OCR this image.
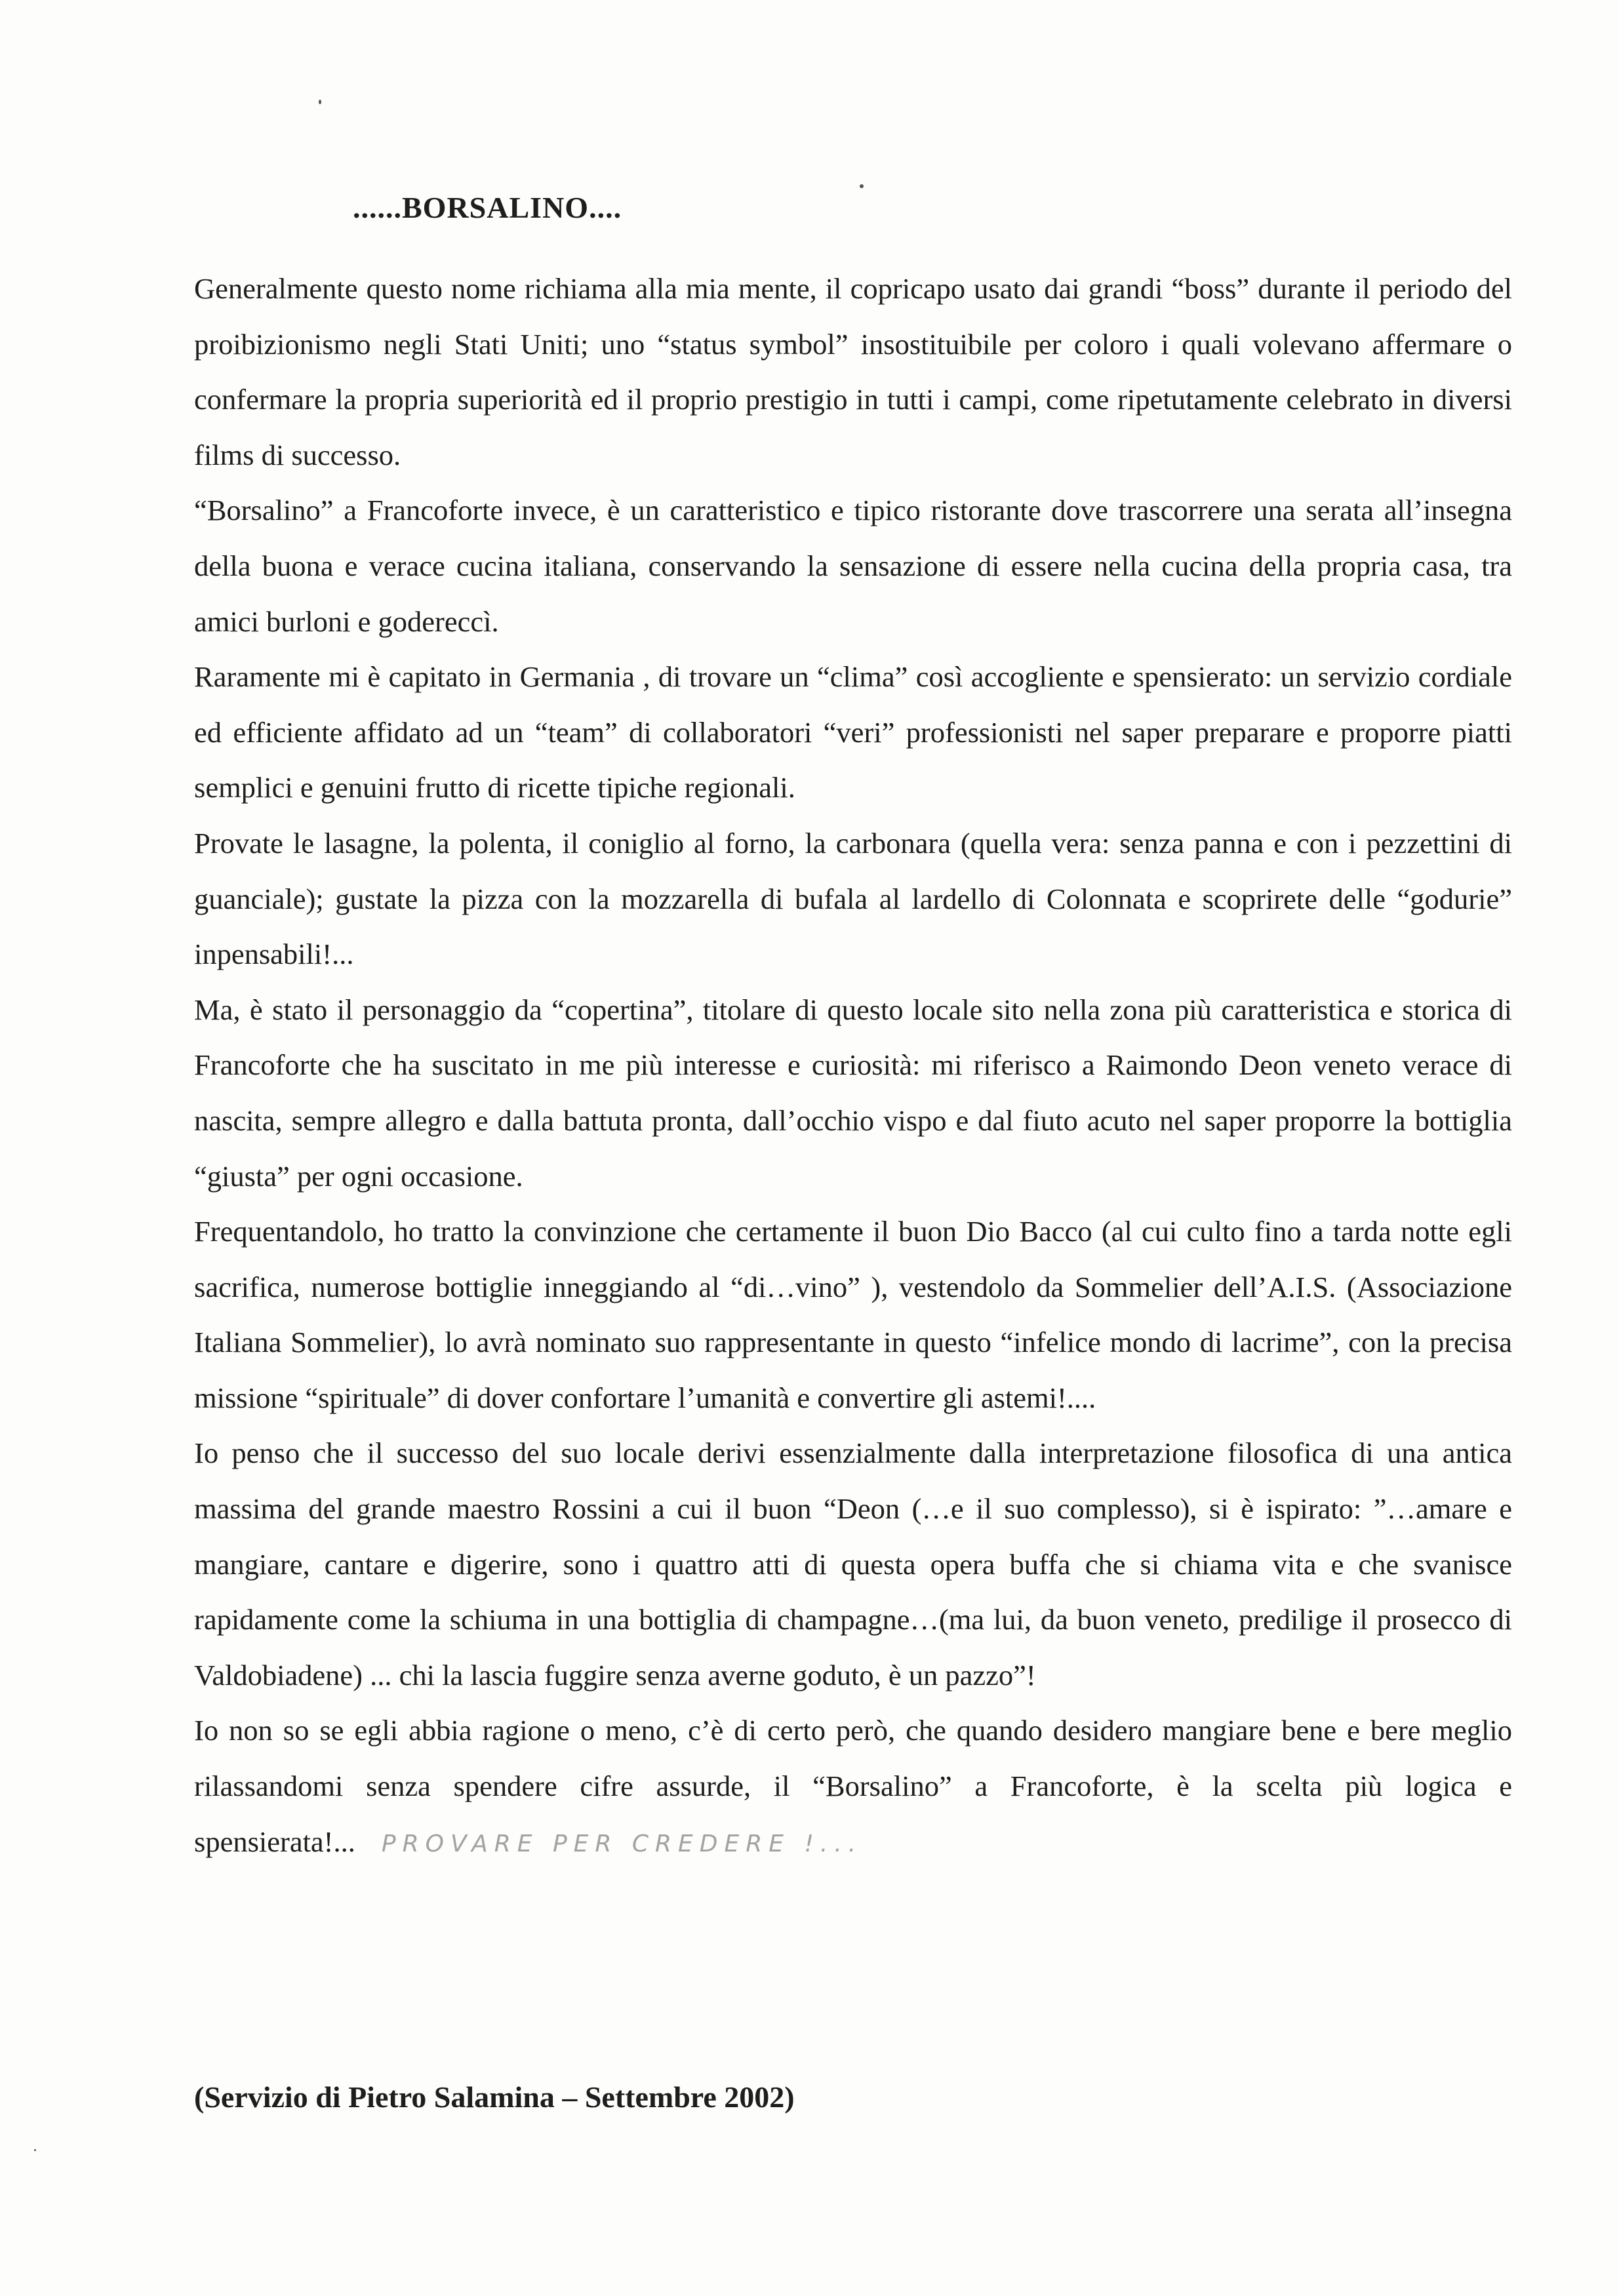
......BORSALINO....

Generalmente questo nome richiama alla mia mente, il copricapo usato dai grandi “boss” durante il periodo del proibizionismo negli Stati Uniti; uno “status symbol” insostituibile per coloro i quali volevano affermare o confermare la propria superiorità ed il proprio prestigio in tutti i campi, come ripetutamente celebrato in diversi films di successo.

“Borsalino” a Francoforte invece, è un caratteristico e tipico ristorante dove trascorrere una serata all’insegna della buona e verace cucina italiana, conservando la sensazione di essere nella cucina della propria casa, tra amici burloni e godereccì.

Raramente mi è capitato in Germania , di trovare un “clima” così accogliente e spensierato: un servizio cordiale ed efficiente affidato ad un “team” di collaboratori “veri” professionisti nel saper preparare e proporre piatti semplici e genuini frutto di ricette tipiche regionali.

Provate le lasagne, la polenta, il coniglio al forno, la carbonara (quella vera: senza panna e con i pezzettini di guanciale); gustate la pizza con la mozzarella di bufala al lardello di Colonnata e scoprirete delle “godurie” inpensabili!...

Ma, è stato il personaggio da “copertina”, titolare di questo locale sito nella zona più caratteristica e storica di Francoforte che ha suscitato in me più interesse e curiosità: mi riferisco a Raimondo Deon veneto verace di nascita, sempre allegro e dalla battuta pronta, dall’occhio vispo e dal fiuto acuto nel saper proporre la bottiglia “giusta” per ogni occasione.

Frequentandolo, ho tratto la convinzione che certamente il buon Dio Bacco (al cui culto fino a tarda notte egli sacrifica, numerose bottiglie inneggiando al “di…vino” ), vestendolo da Sommelier dell’A.I.S. (Associazione Italiana Sommelier), lo avrà nominato suo rappresentante in questo “infelice mondo di lacrime”, con la precisa missione “spirituale” di dover confortare l’umanità e convertire gli astemi!....

Io penso che il successo del suo locale derivi essenzialmente dalla interpretazione filosofica di una antica massima del grande maestro Rossini a cui il buon “Deon (…e il suo complesso), si è ispirato: ”…amare e mangiare, cantare e digerire, sono i quattro atti di questa opera buffa che si chiama vita e che svanisce rapidamente come la schiuma in una bottiglia di champagne…(ma lui, da buon veneto, predilige il prosecco di Valdobiadene) ... chi la lascia fuggire senza averne goduto, è un pazzo”!

Io non so se egli abbia ragione o meno, c’è di certo però, che quando desidero mangiare bene e bere meglio rilassandomi senza spendere cifre assurde, il “Borsalino” a Francoforte, è la scelta più logica e spensierata!... PROVARE PER CREDERE !...

(Servizio di Pietro Salamina – Settembre 2002)
